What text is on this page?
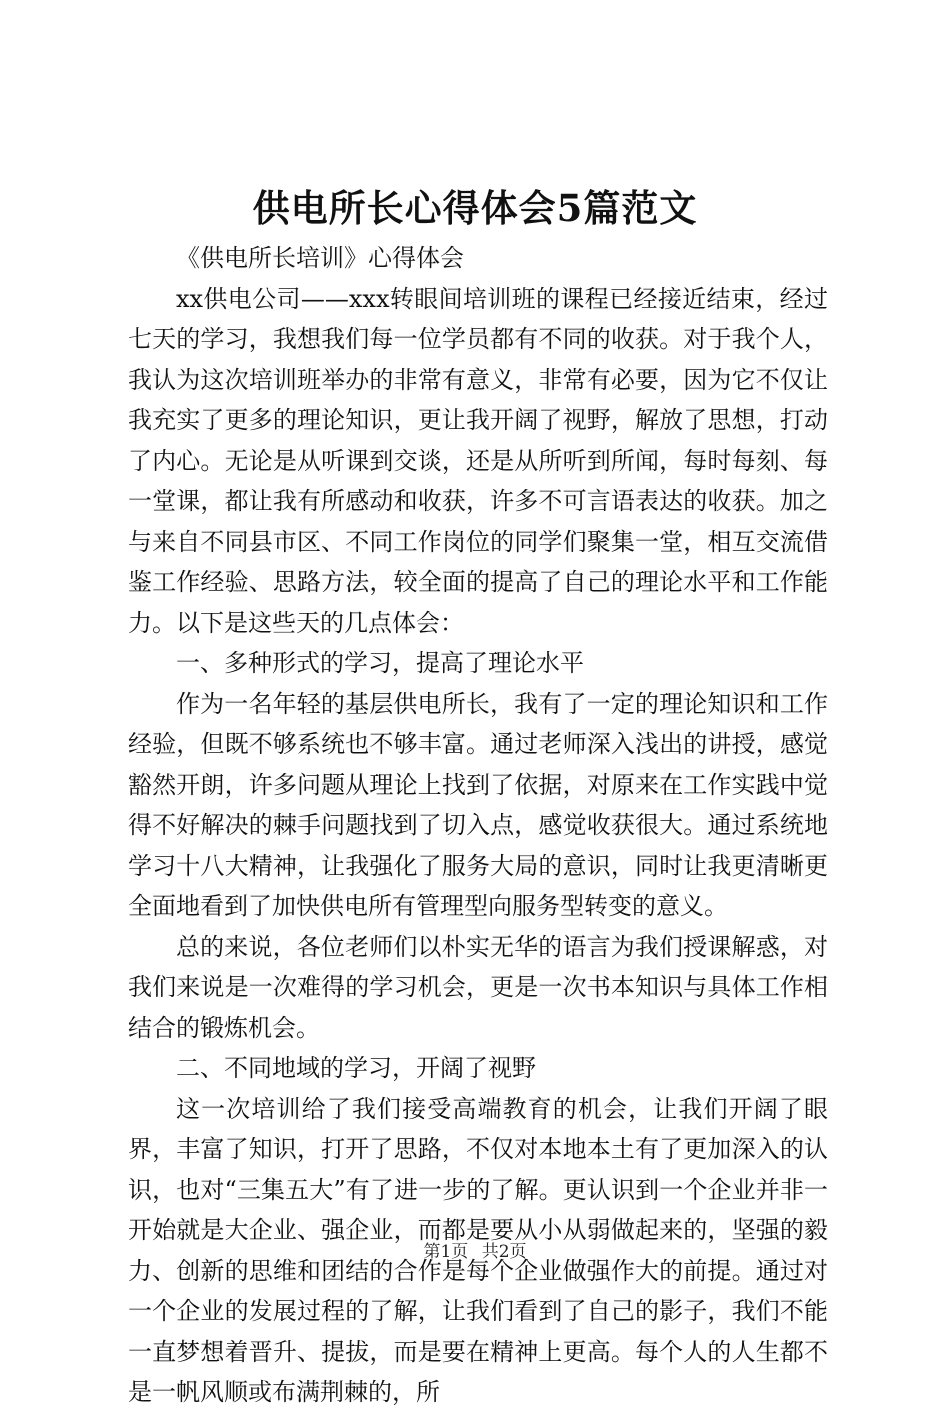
供电所长心得体会5篇范文

《供电所长培训》心得体会

xx供电公司——xxx转眼间培训班的课程已经接近结束，经过七天的学习，我想我们每一位学员都有不同的收获。对于我个人，我认为这次培训班举办的非常有意义，非常有必要，因为它不仅让我充实了更多的理论知识，更让我开阔了视野，解放了思想，打动了内心。无论是从听课到交谈，还是从所听到所闻，每时每刻、每一堂课，都让我有所感动和收获，许多不可言语表达的收获。加之与来自不同县市区、不同工作岗位的同学们聚集一堂，相互交流借鉴工作经验、思路方法，较全面的提高了自己的理论水平和工作能力。以下是这些天的几点体会：

一、多种形式的学习，提高了理论水平

作为一名年轻的基层供电所长，我有了一定的理论知识和工作经验，但既不够系统也不够丰富。通过老师深入浅出的讲授，感觉豁然开朗，许多问题从理论上找到了依据，对原来在工作实践中觉得不好解决的棘手问题找到了切入点，感觉收获很大。通过系统地学习十八大精神，让我强化了服务大局的意识，同时让我更清晰更全面地看到了加快供电所有管理型向服务型转变的意义。

总的来说，各位老师们以朴实无华的语言为我们授课解惑，对我们来说是一次难得的学习机会，更是一次书本知识与具体工作相结合的锻炼机会。

二、不同地域的学习，开阔了视野

这一次培训给了我们接受高端教育的机会，让我们开阔了眼界，丰富了知识，打开了思路，不仅对本地本土有了更加深入的认识，也对“三集五大”有了进一步的了解。更认识到一个企业并非一开始就是大企业、强企业，而都是要从小从弱做起来的，坚强的毅力、创新的思维和团结的合作是每个企业做强作大的前提。通过对一个企业的发展过程的了解，让我们看到了自己的影子，我们不能一直梦想着晋升、提拔，而是要在精神上更高。每个人的人生都不是一帆风顺或布满荆棘的，所

第1页 共2页
